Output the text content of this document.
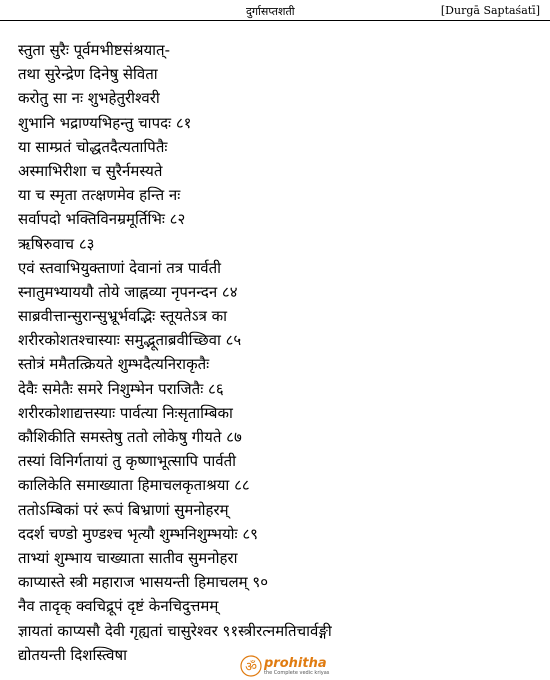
दुर्गासप्तशती	[Durgā Saptaśatī]
स्तुता सुरैः पूर्वमभीष्टसंश्रयात्-
तथा सुरेन्द्रेण दिनेषु सेविता
करोतु सा नः शुभहेतुरीश्वरी
शुभानि भद्राण्यभिहन्तु चापदः ८१
या साम्प्रतं चोद्धतदैत्यतापितैः
अस्माभिरीशा च सुरैर्नमस्यते
या च स्मृता तत्क्षणमेव हन्ति नः
सर्वापदो भक्तिविनम्रमूर्तिभिः ८२
ऋषिरुवाच ८३
एवं स्तवाभियुक्ताणां देवानां तत्र पार्वती
स्नातुमभ्याययौ तोये जाह्नव्या नृपनन्दन ८४
साब्रवीत्तान्सुरान्सुभ्रूर्भवद्भिः स्तूयतेऽत्र का
शरीरकोशतश्चास्याः समुद्भूताब्रवीच्छिवा ८५
स्तोत्रं ममैतत्क्रियते शुम्भदैत्यनिराकृतैः
देवैः समेतैः समरे निशुम्भेन पराजितैः ८६
शरीरकोशाद्यत्तस्याः पार्वत्या निःसृताम्बिका
कौशिकीति समस्तेषु ततो लोकेषु गीयते ८७
तस्यां विनिर्गतायां तु कृष्णाभूत्सापि पार्वती
कालिकेति समाख्याता हिमाचलकृताश्रया ८८
ततोऽम्बिकां परं रूपं बिभ्राणां सुमनोहरम्
ददर्श चण्डो मुण्डश्च भृत्यौ शुम्भनिशुम्भयोः ८९
ताभ्यां शुम्भाय चाख्याता सातीव सुमनोहरा
काप्यास्ते स्त्री महाराज भासयन्ती हिमाचलम् ९०
नैव तादृक् क्वचिद्रूपं दृष्टं केनचिदुत्तमम्
ज्ञायतां काप्यसौ देवी गृह्यतां चासुरेश्वर ९१स्त्रीरत्नमतिचार्वङ्गी
द्योतयन्ती दिशस्त्विषा
ॐ prohitha
the Complete vedic kriyas
